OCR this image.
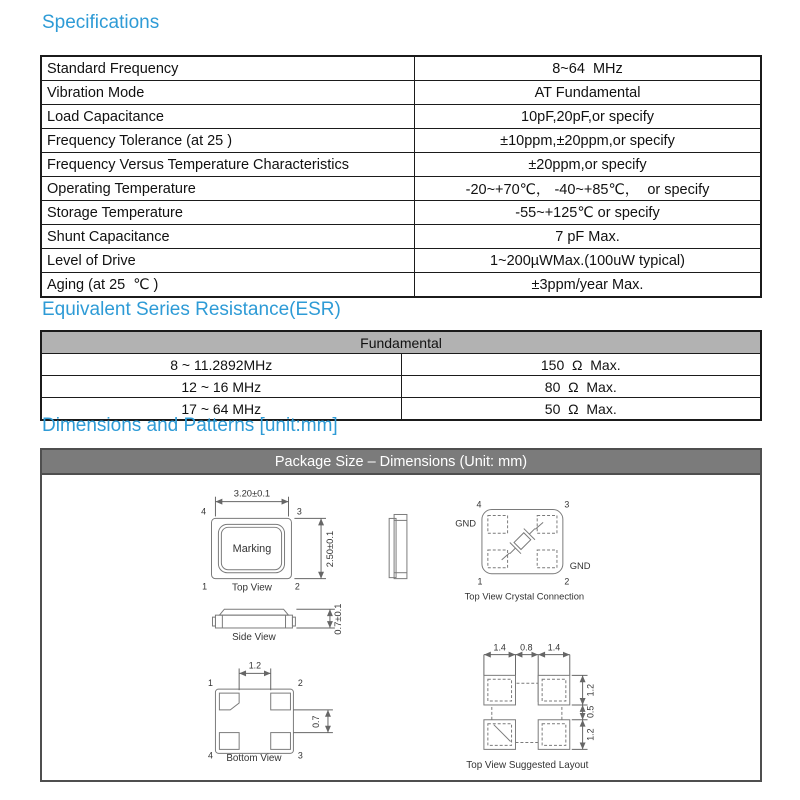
Specifications
Standard Frequency	8~64  MHz
Vibration Mode	AT Fundamental
Load Capacitance	10pF,20pF,or specify
Frequency Tolerance (at 25 )	±10ppm,±20ppm,or specify
Frequency Versus Temperature Characteristics	±20ppm,or specify
Operating Temperature	-20~+70℃， -40~+85℃，  or specify
Storage Temperature	-55~+125℃ or specify
Shunt Capacitance	7 pF Max.
Level of Drive	1~200µWMax.(100uW typical)
Aging (at 25  ℃ )	±3ppm/year Max.
Equivalent Series Resistance(ESR)
Fundamental	
8 ~ 11.2892MHz	150  Ω  Max.
12 ~ 16 MHz	80  Ω  Max.
17 ~ 64 MHz	50  Ω  Max.
Dimensions and Patterns [unit:mm]
Package Size – Dimensions (Unit: mm)
3.20±0.1
4	3
Marking
1	2
Top View
2.50±0.1
4	3
GND
GND
1	2
Top View Crystal Connection
Side View
0.7±0.1
1	2
1.2
0.7
4	3
Bottom View
1.4 0.8 1.4
1.2
0.5
1.2
Top View Suggested Layout
